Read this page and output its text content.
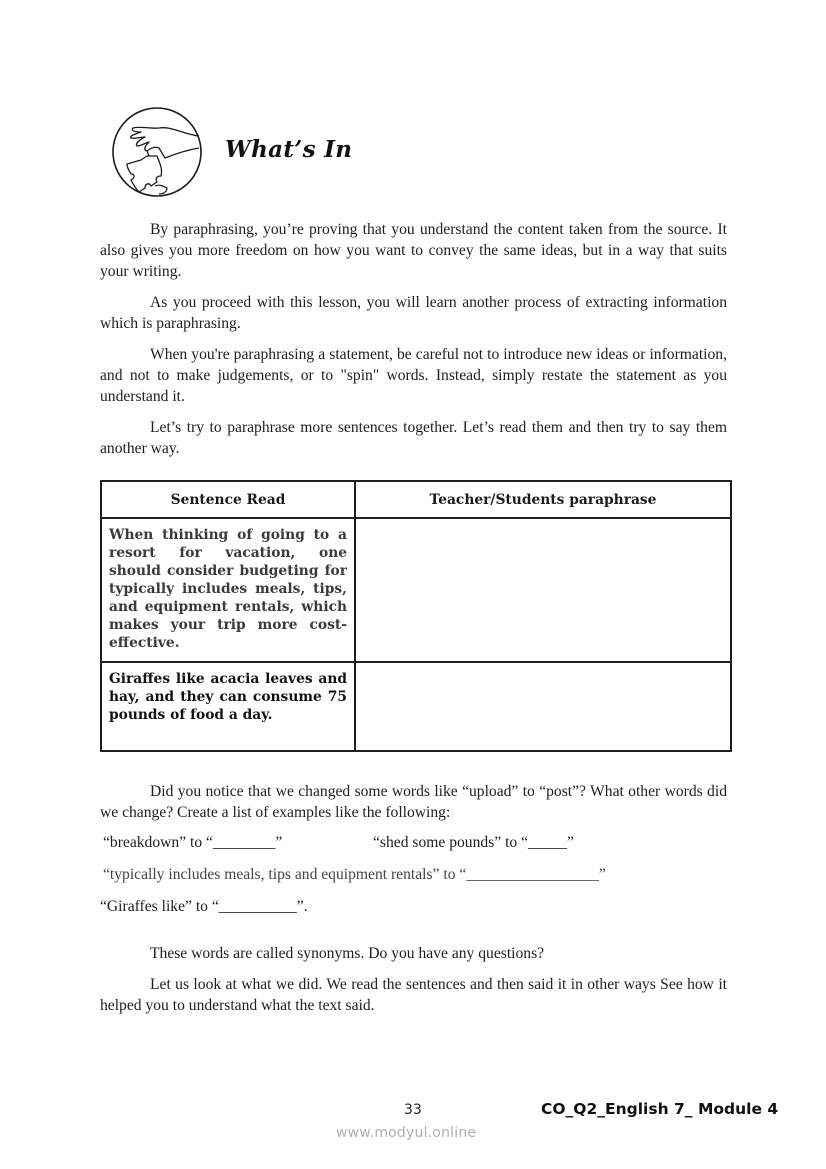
What’s In

By paraphrasing, you’re proving that you understand the content taken from the source. It also gives you more freedom on how you want to convey the same ideas, but in a way that suits your writing.

As you proceed with this lesson, you will learn another process of extracting information which is paraphrasing.

When you're paraphrasing a statement, be careful not to introduce new ideas or information, and not to make judgements, or to "spin" words. Instead, simply restate the statement as you understand it.

Let’s try to paraphrase more sentences together. Let’s read them and then try to say them another way.

Sentence Read	Teacher/Students paraphrase
When thinking of going to a resort for vacation, one should consider budgeting for typically includes meals, tips, and equipment rentals, which makes your trip more cost-effective.	
Giraffes like acacia leaves and hay, and they can consume 75 pounds of food a day.	

Did you notice that we changed some words like “upload” to “post”? What other words did we change? Create a list of examples like the following:

“breakdown” to “________”	“shed some pounds” to “_____”
“typically includes meals, tips and equipment rentals” to “_________________”
“Giraffes like” to “__________”.

These words are called synonyms. Do you have any questions?

Let us look at what we did. We read the sentences and then said it in other ways See how it helped you to understand what the text said.

33	CO_Q2_English 7_ Module 4
www.modyul.online
